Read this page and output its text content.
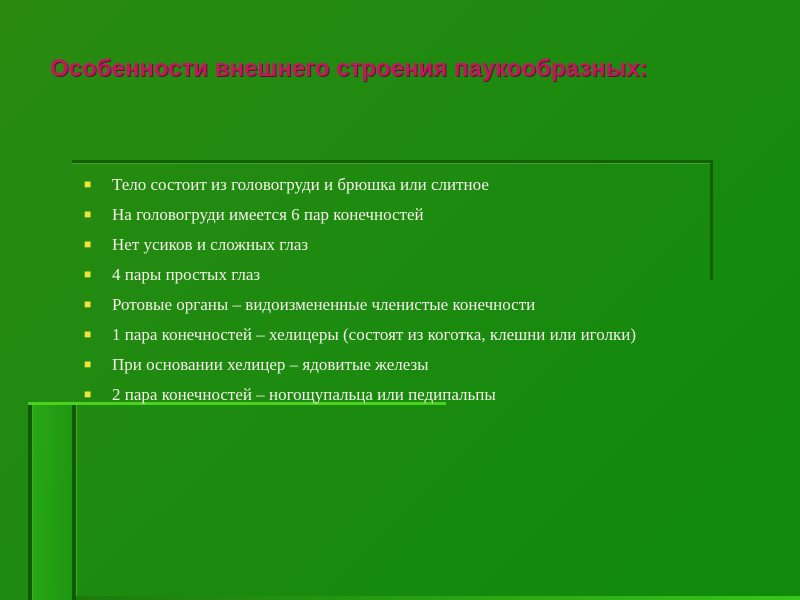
Особенности внешнего строения паукообразных:
■	Тело состоит из головогруди и брюшка или слитное
■	На головогруди имеется 6 пар конечностей
■	Нет усиков и сложных глаз
■	4 пары простых глаз
■	Ротовые органы – видоизмененные членистые конечности
■	1 пара конечностей – хелицеры (состоят из коготка, клешни или иголки)
■	При основании хелицер – ядовитые железы
■	2 пара конечностей – ногощупальца или педипальпы
